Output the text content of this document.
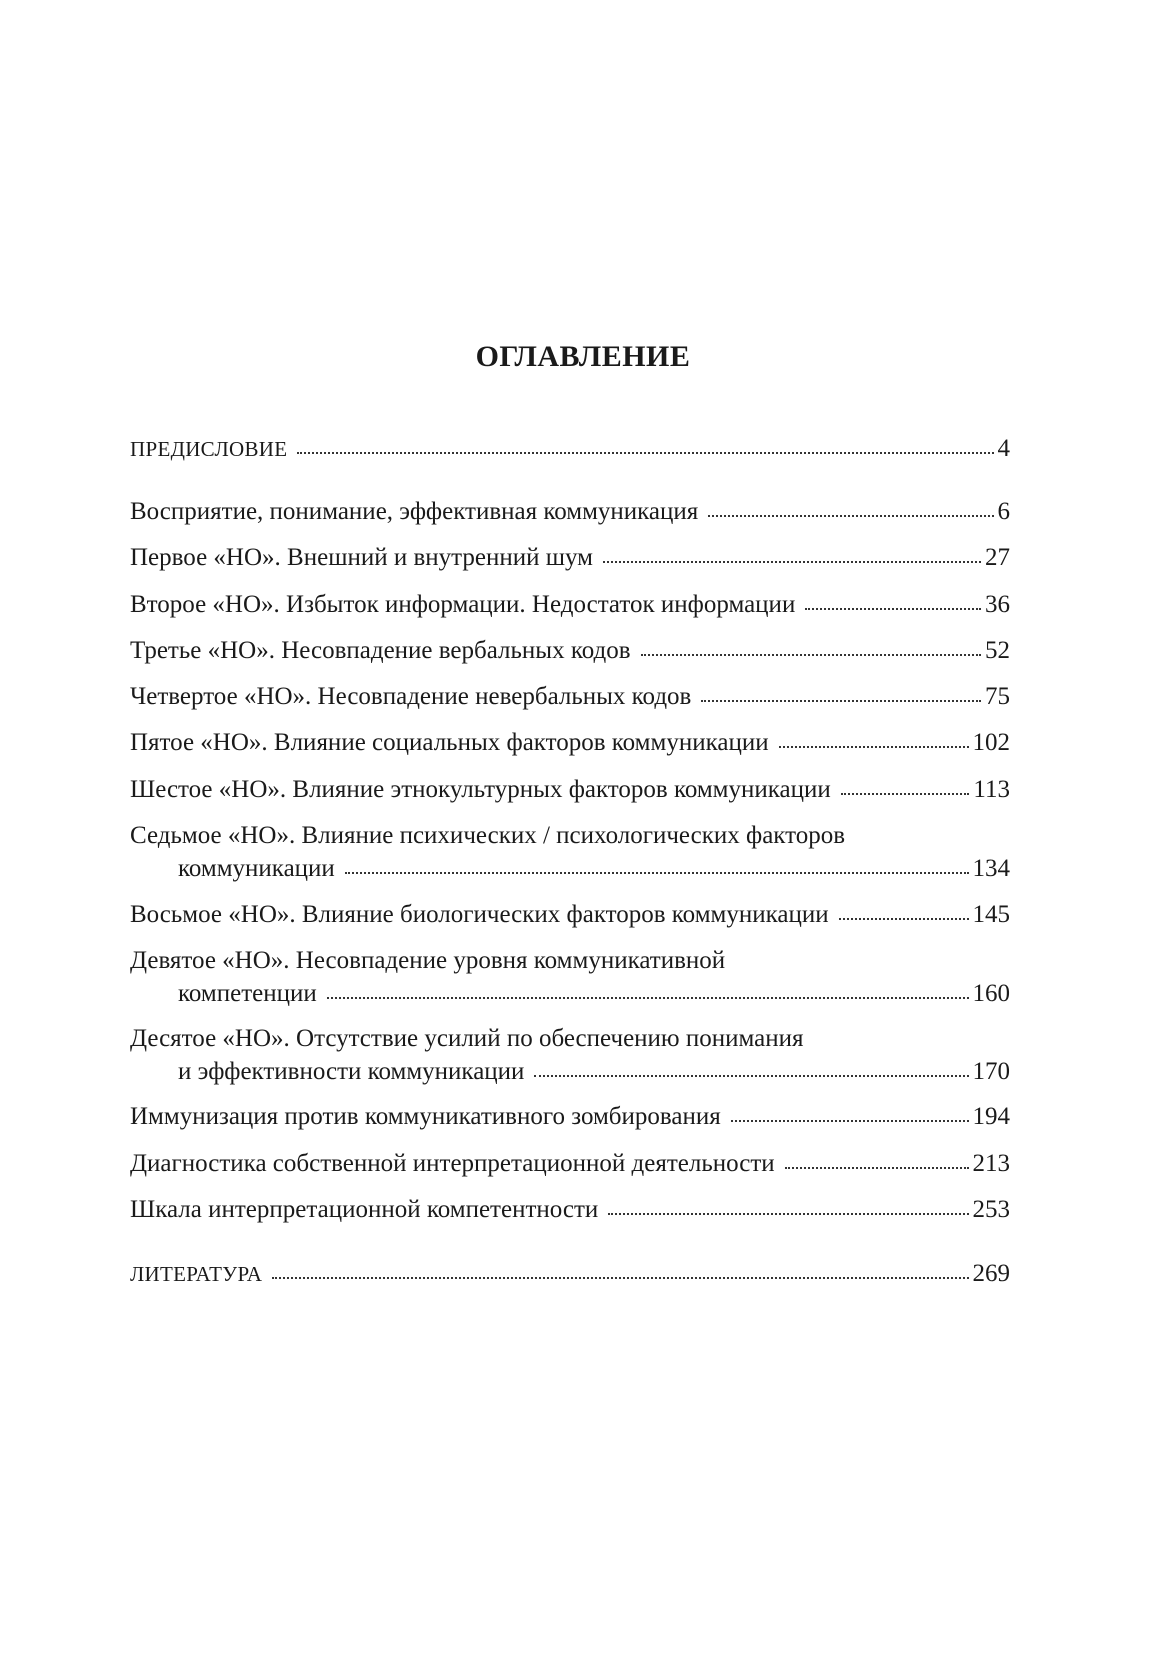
ОГЛАВЛЕНИЕ
ПРЕДИСЛОВИЕ	4
Восприятие, понимание, эффективная коммуникация	6
Первое «НО». Внешний и внутренний шум	27
Второе «НО». Избыток информации. Недостаток информации	36
Третье «НО». Несовпадение вербальных кодов	52
Четвертое «НО». Несовпадение невербальных кодов	75
Пятое «НО». Влияние социальных факторов коммуникации	102
Шестое «НО». Влияние этнокультурных факторов коммуникации	113
Седьмое «НО». Влияние психических / психологических факторов
коммуникации	134
Восьмое «НО». Влияние биологических факторов коммуникации	145
Девятое «НО». Несовпадение уровня коммуникативной
компетенции	160
Десятое «НО». Отсутствие усилий по обеспечению понимания
и эффективности коммуникации	170
Иммунизация против коммуникативного зомбирования	194
Диагностика собственной интерпретационной деятельности	213
Шкала интерпретационной компетентности	253
ЛИТЕРАТУРА	269
